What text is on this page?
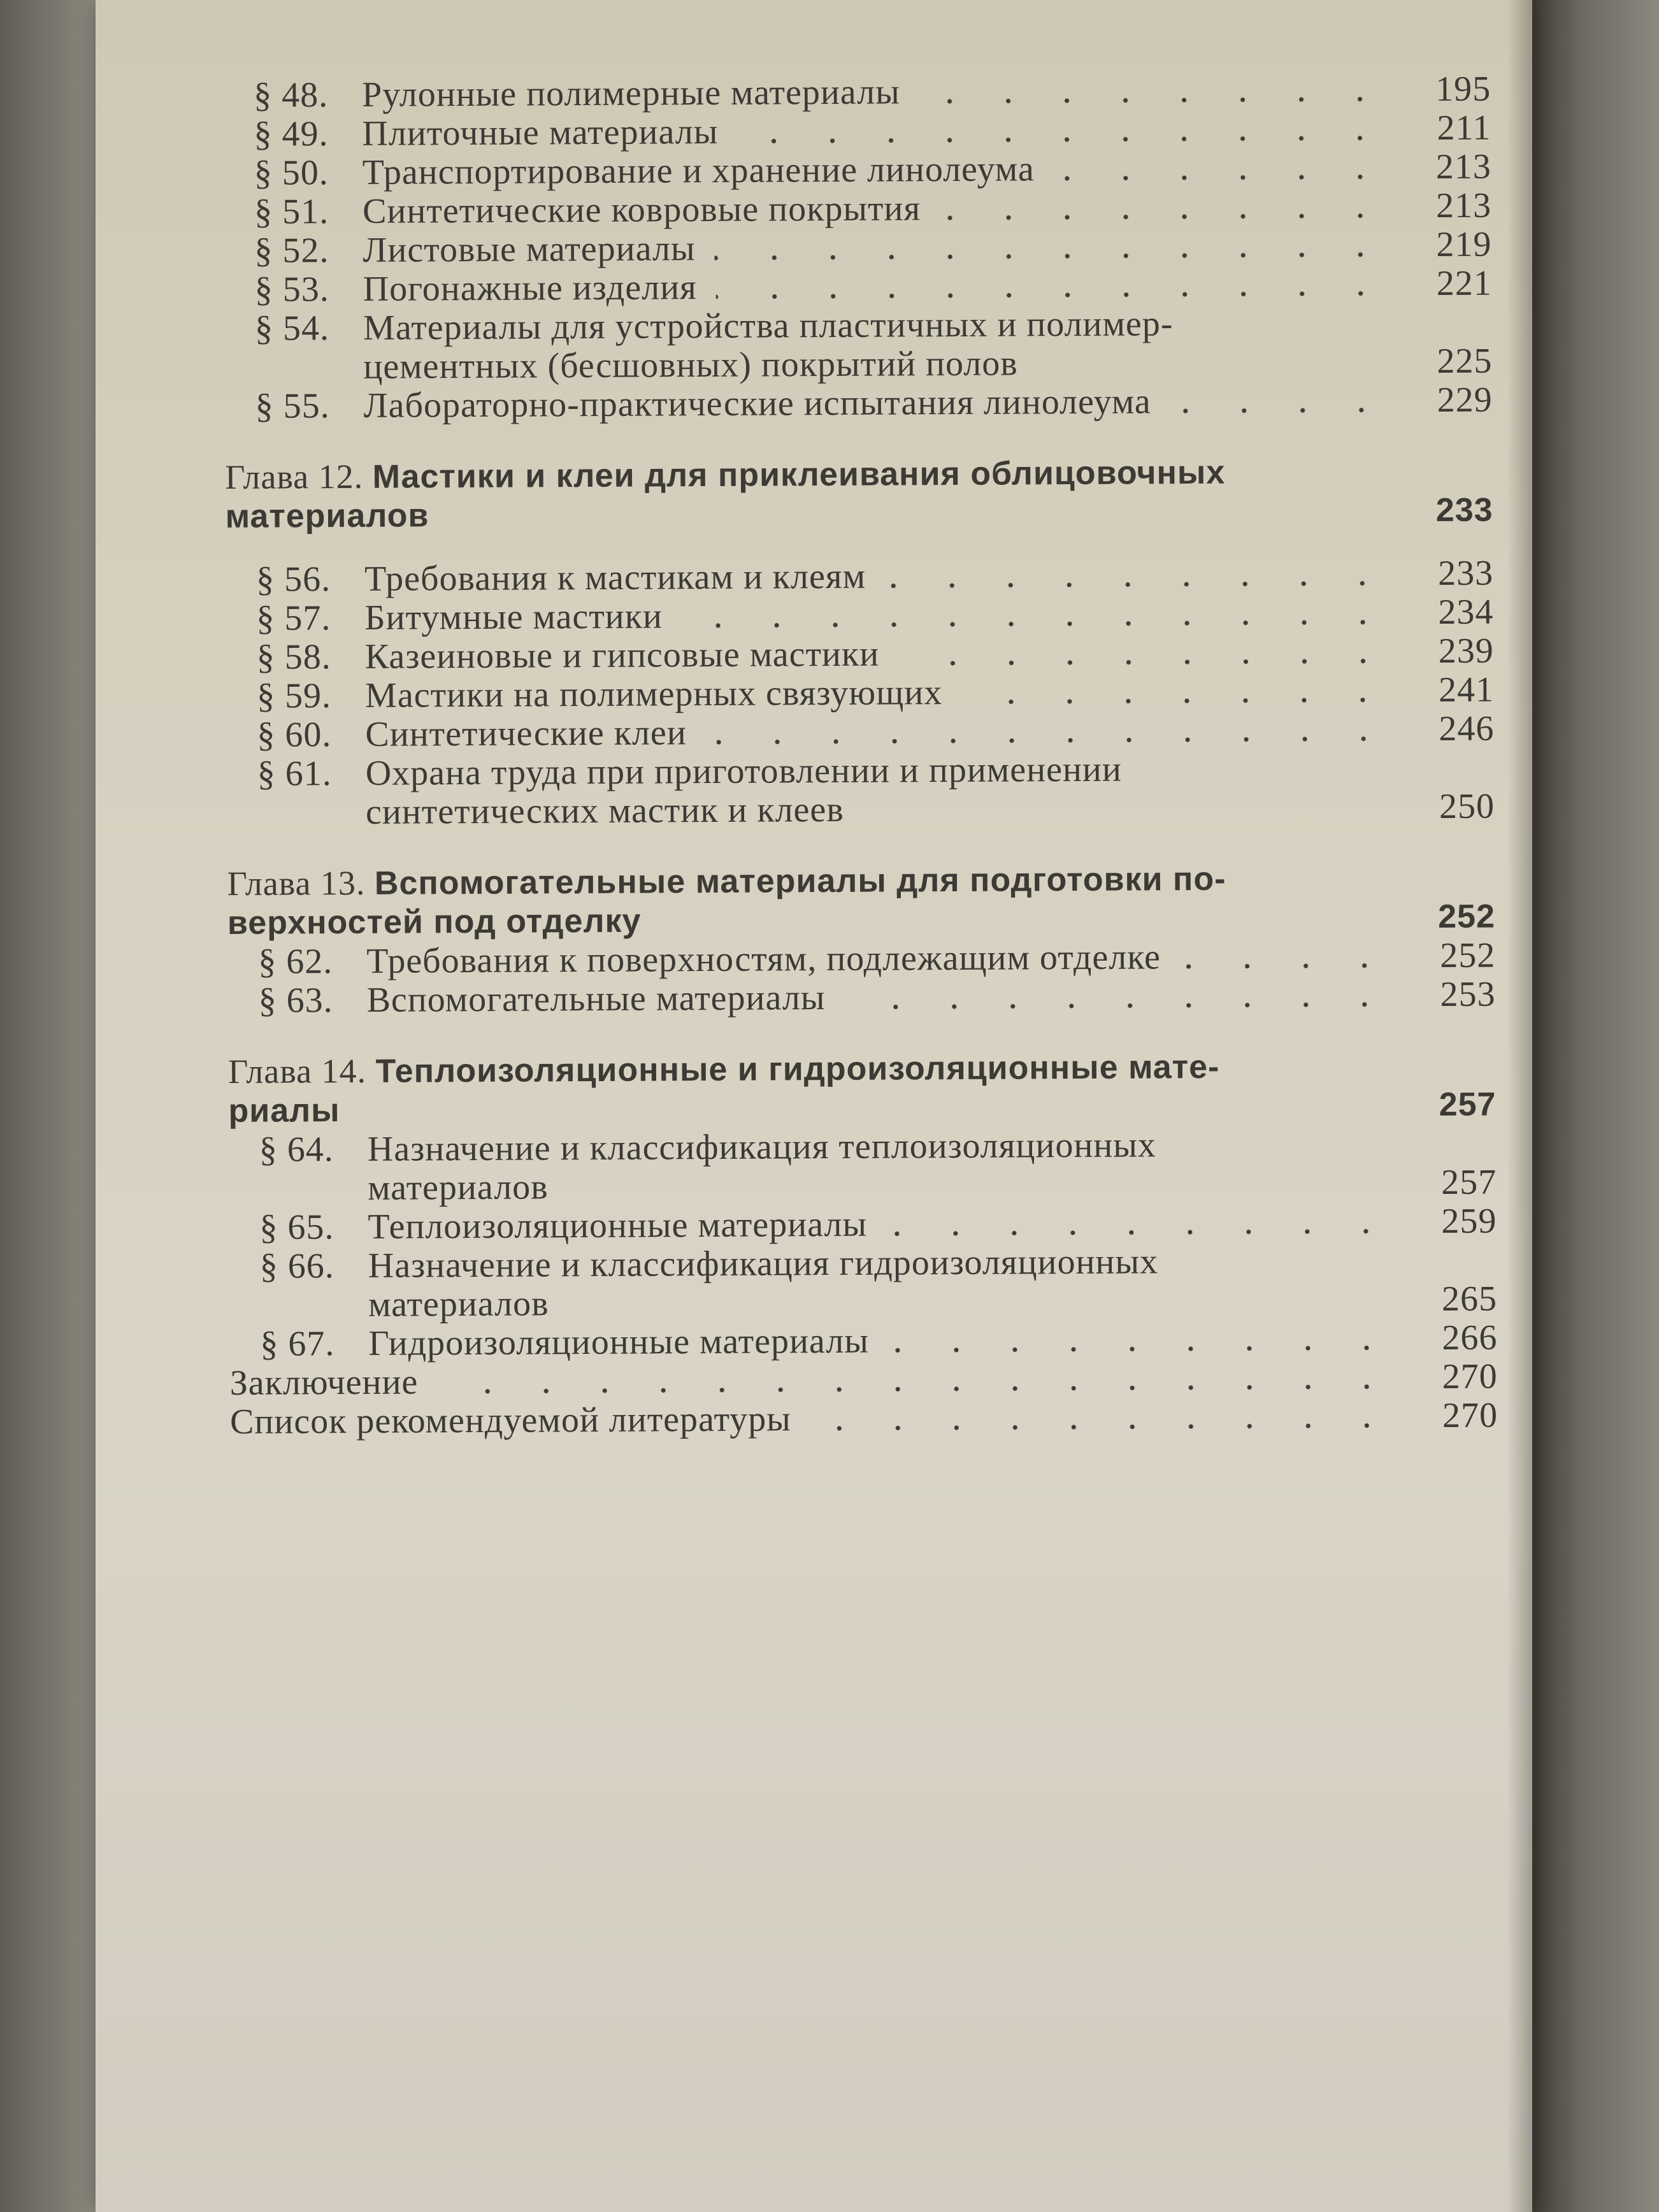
§ 48. Рулонные полимерные материалы	195
§ 49. Плиточные материалы	211
§ 50. Транспортирование и хранение линолеума	213
§ 51. Синтетические ковровые покрытия	213
§ 52. Листовые материалы	219
§ 53. Погонажные изделия	221
§ 54. Материалы для устройства пластичных и полимер-
цементных (бесшовных) покрытий полов	225
§ 55. Лабораторно-практические испытания линолеума	229
Глава 12. Мастики и клеи для приклеивания облицовочных
материалов	233
§ 56. Требования к мастикам и клеям	233
§ 57. Битумные мастики	234
§ 58. Казеиновые и гипсовые мастики	239
§ 59. Мастики на полимерных связующих	241
§ 60. Синтетические клеи	246
§ 61. Охрана труда при приготовлении и применении
синтетических мастик и клеев	250
Глава 13. Вспомогательные материалы для подготовки по-
верхностей под отделку	252
§ 62. Требования к поверхностям, подлежащим отделке	252
§ 63. Вспомогательные материалы	253
Глава 14. Теплоизоляционные и гидроизоляционные мате-
риалы	257
§ 64. Назначение и классификация теплоизоляционных
материалов	257
§ 65. Теплоизоляционные материалы	259
§ 66. Назначение и классификация гидроизоляционных
материалов	265
§ 67. Гидроизоляционные материалы	266
Заключение	270
Список рекомендуемой литературы	270
